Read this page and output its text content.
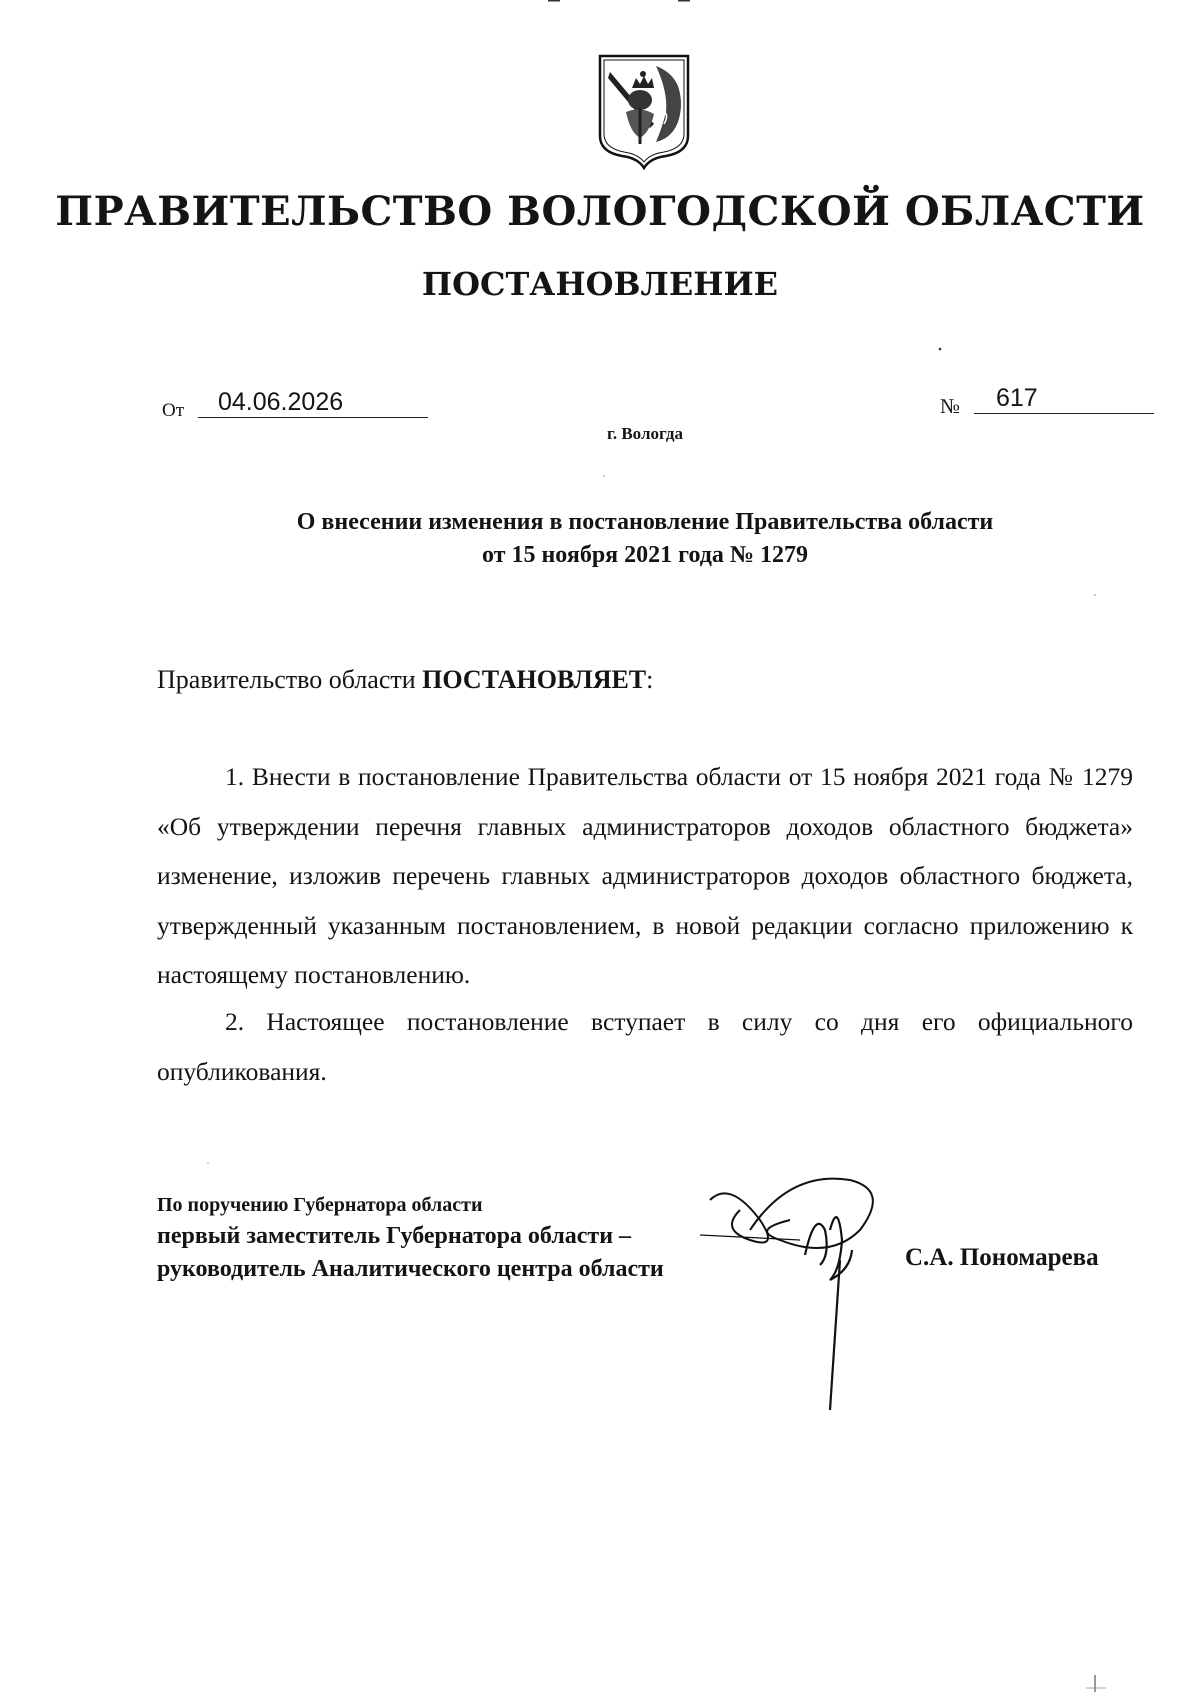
ПРАВИТЕЛЬСТВО ВОЛОГОДСКОЙ ОБЛАСТИ
ПОСТАНОВЛЕНИЕ
От	04.06.2026	№	617
г. Вологда
О внесении изменения в постановление Правительства области
от 15 ноября 2021 года № 1279
Правительство области ПОСТАНОВЛЯЕТ:

1. Внести в постановление Правительства области от 15 ноября 2021 года № 1279 «Об утверждении перечня главных администраторов доходов областного бюджета» изменение, изложив перечень главных администраторов доходов областного бюджета, утвержденный указанным постановлением, в новой редакции согласно приложению к настоящему постановлению.

2. Настоящее постановление вступает в силу со дня его официального опубликования.

По поручению Губернатора области
первый заместитель Губернатора области –
руководитель Аналитического центра области	С.А. Пономарева
